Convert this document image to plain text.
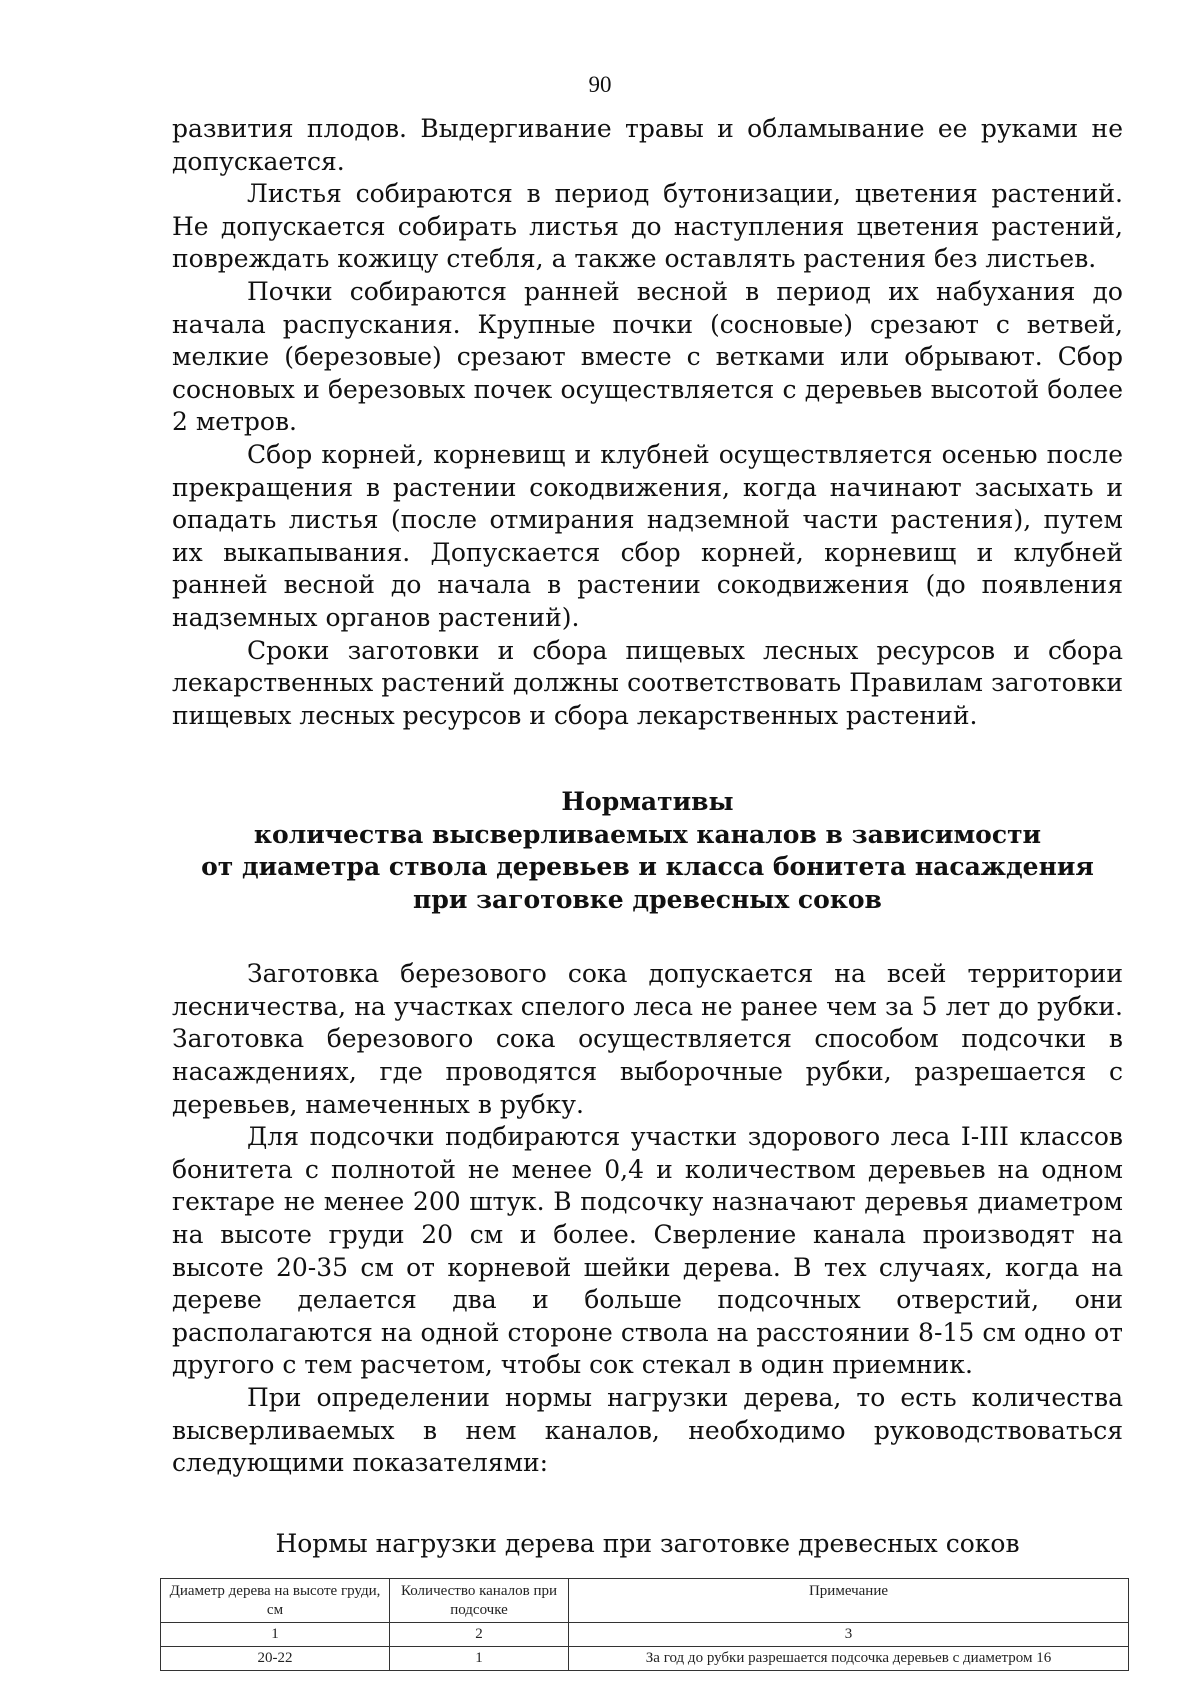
90

развития плодов. Выдергивание травы и обламывание ее руками не допускается.

Листья собираются в период бутонизации, цветения растений. Не допускается собирать листья до наступления цветения растений, повреждать кожицу стебля, а также оставлять растения без листьев.

Почки собираются ранней весной в период их набухания до начала распускания. Крупные почки (сосновые) срезают с ветвей, мелкие (березовые) срезают вместе с ветками или обрывают. Сбор сосновых и березовых почек осуществляется с деревьев высотой более 2 метров.

Сбор корней, корневищ и клубней осуществляется осенью после прекращения в растении сокодвижения, когда начинают засыхать и опадать листья (после отмирания надземной части растения), путем их выкапывания. Допускается сбор корней, корневищ и клубней ранней весной до начала в растении сокодвижения (до появления надземных органов растений).

Сроки заготовки и сбора пищевых лесных ресурсов и сбора лекарственных растений должны соответствовать Правилам заготовки пищевых лесных ресурсов и сбора лекарственных растений.

Нормативы
количества высверливаемых каналов в зависимости
от диаметра ствола деревьев и класса бонитета насаждения
при заготовке древесных соков

Заготовка березового сока допускается на всей территории лесничества, на участках спелого леса не ранее чем за 5 лет до рубки. Заготовка березового сока осуществляется способом подсочки в насаждениях, где проводятся выборочные рубки, разрешается с деревьев, намеченных в рубку.

Для подсочки подбираются участки здорового леса I-III классов бонитета с полнотой не менее 0,4 и количеством деревьев на одном гектаре не менее 200 штук. В подсочку назначают деревья диаметром на высоте груди 20 см и более. Сверление канала производят на высоте 20-35 см от корневой шейки дерева. В тех случаях, когда на дереве делается два и больше подсочных отверстий, они располагаются на одной стороне ствола на расстоянии 8-15 см одно от другого с тем расчетом, чтобы сок стекал в один приемник.

При определении нормы нагрузки дерева, то есть количества высверливаемых в нем каналов, необходимо руководствоваться следующими показателями:

Нормы нагрузки дерева при заготовке древесных соков
Диаметр дерева на высоте груди, см	Количество каналов при подсочке	Примечание
1	2	3
20-22	1	За год до рубки разрешается подсочка деревьев с диаметром 16
